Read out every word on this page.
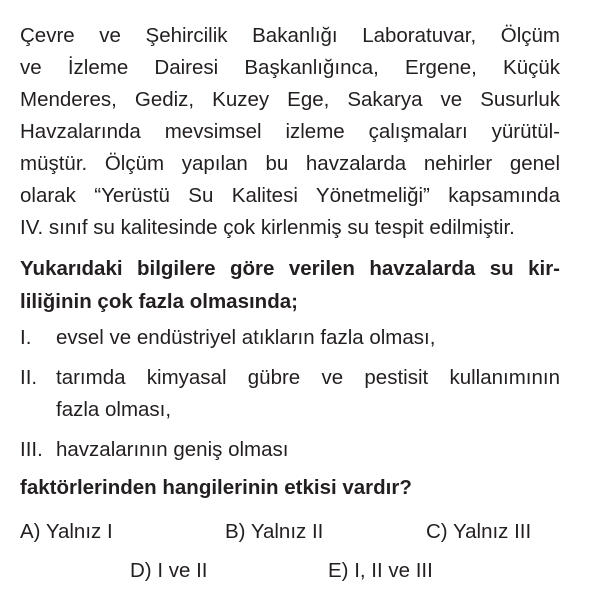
Çevre ve Şehircilik Bakanlığı Laboratuvar, Ölçüm
ve İzleme Dairesi Başkanlığınca, Ergene, Küçük
Menderes, Gediz, Kuzey Ege, Sakarya ve Susurluk
Havzalarında mevsimsel izleme çalışmaları yürütül-
müştür. Ölçüm yapılan bu havzalarda nehirler genel
olarak “Yerüstü Su Kalitesi Yönetmeliği” kapsamında
IV. sınıf su kalitesinde çok kirlenmiş su tespit edilmiştir.
Yukarıdaki bilgilere göre verilen havzalarda su kir-
liliğinin çok fazla olmasında;
I. evsel ve endüstriyel atıkların fazla olması,
II. tarımda kimyasal gübre ve pestisit kullanımının
fazla olması,
III. havzalarının geniş olması
faktörlerinden hangilerinin etkisi vardır?
A) Yalnız I	B) Yalnız II	C) Yalnız III
D) I ve II	E) I, II ve III
